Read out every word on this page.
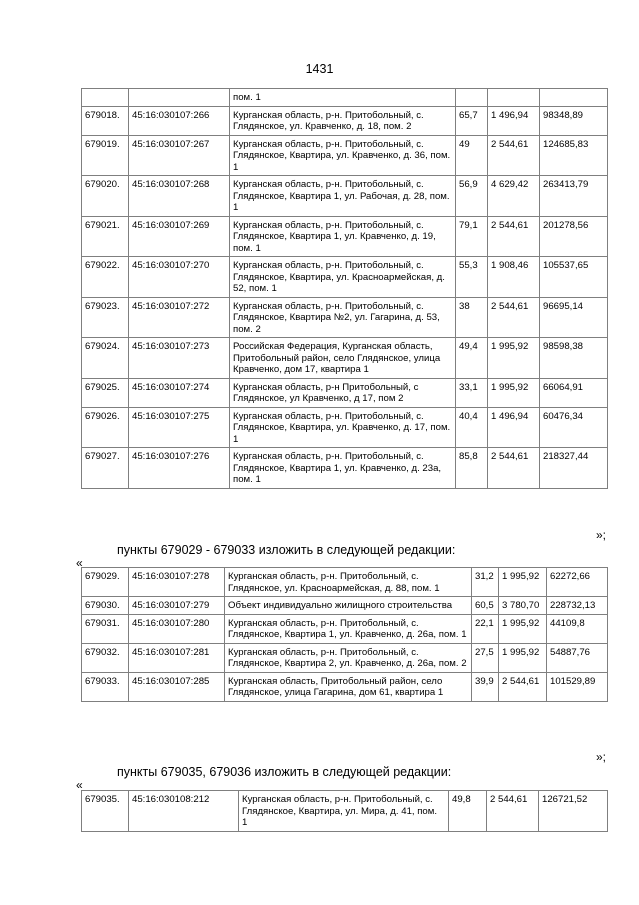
1431
		пом. 1			
679018.	45:16:030107:266	Курганская область, р-н. Притобольный, с. Глядянское, ул. Кравченко, д. 18, пом. 2	65,7	1 496,94	98348,89
679019.	45:16:030107:267	Курганская область, р-н. Притобольный, с. Глядянское, Квартира, ул. Кравченко, д. 36, пом. 1	49	2 544,61	124685,83
679020.	45:16:030107:268	Курганская область, р-н. Притобольный, с. Глядянское, Квартира 1, ул. Рабочая, д. 28, пом. 1	56,9	4 629,42	263413,79
679021.	45:16:030107:269	Курганская область, р-н. Притобольный, с. Глядянское, Квартира 1, ул. Кравченко, д. 19, пом. 1	79,1	2 544,61	201278,56
679022.	45:16:030107:270	Курганская область, р-н. Притобольный, с. Глядянское, Квартира, ул. Красноармейская, д. 52, пом. 1	55,3	1 908,46	105537,65
679023.	45:16:030107:272	Курганская область, р-н. Притобольный, с. Глядянское, Квартира №2, ул. Гагарина, д. 53, пом. 2	38	2 544,61	96695,14
679024.	45:16:030107:273	Российская Федерация, Курганская область, Притобольный район, село Глядянское, улица Кравченко, дом 17, квартира 1	49,4	1 995,92	98598,38
679025.	45:16:030107:274	Курганская область, р-н Притобольный, с Глядянское, ул Кравченко, д 17, пом 2	33,1	1 995,92	66064,91
679026.	45:16:030107:275	Курганская область, р-н. Притобольный, с. Глядянское, Квартира, ул. Кравченко, д. 17, пом. 1	40,4	1 496,94	60476,34
679027.	45:16:030107:276	Курганская область, р-н. Притобольный, с. Глядянское, Квартира 1, ул. Кравченко, д. 23а, пом. 1	85,8	2 544,61	218327,44
»;
пункты 679029 - 679033 изложить в следующей редакции:
«
679029.	45:16:030107:278	Курганская область, р-н. Притобольный, с. Глядянское, ул. Красноармейская, д. 88, пом. 1	31,2	1 995,92	62272,66
679030.	45:16:030107:279	Объект индивидуально жилищного строительства	60,5	3 780,70	228732,13
679031.	45:16:030107:280	Курганская область, р-н. Притобольный, с. Глядянское, Квартира 1, ул. Кравченко, д. 26а, пом. 1	22,1	1 995,92	44109,8
679032.	45:16:030107:281	Курганская область, р-н. Притобольный, с. Глядянское, Квартира 2, ул. Кравченко, д. 26а, пом. 2	27,5	1 995,92	54887,76
679033.	45:16:030107:285	Курганская область, Притобольный район, село Глядянское, улица Гагарина, дом 61, квартира 1	39,9	2 544,61	101529,89
»;
пункты 679035, 679036 изложить в следующей редакции:
«
679035.	45:16:030108:212	Курганская область, р-н. Притобольный, с. Глядянское, Квартира, ул. Мира, д. 41, пом. 1	49,8	2 544,61	126721,52
